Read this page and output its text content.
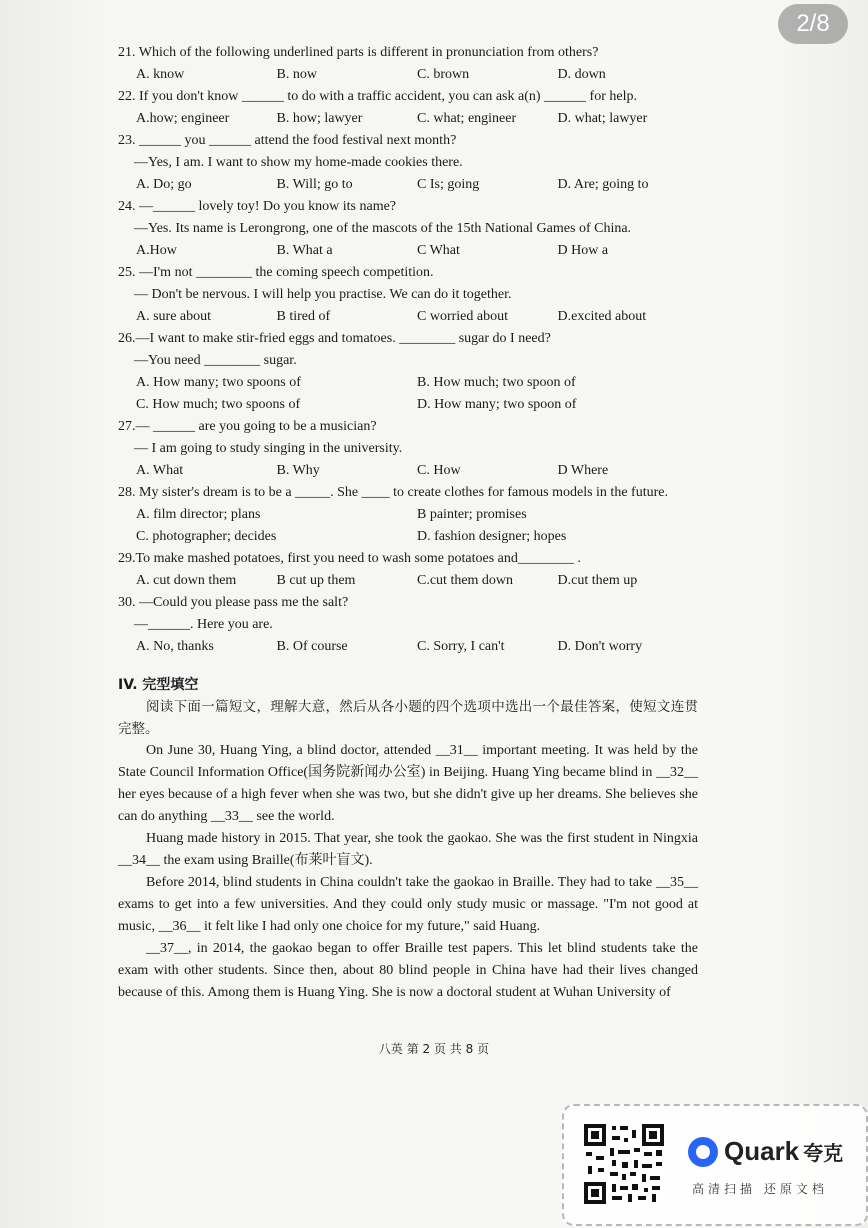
2/8
21. Which of the following underlined parts is different in pronunciation from others?
A. know	B. now	C. brown	D. down
22. If you don't know ______ to do with a traffic accident, you can ask a(n) ______ for help.
A.how; engineer	B. how; lawyer	C. what; engineer	D. what; lawyer
23. ______ you ______ attend the food festival next month?
—Yes, I am. I want to show my home-made cookies there.
A. Do; go	B. Will; go to	C Is; going	D. Are; going to
24. —______ lovely toy! Do you know its name?
—Yes. Its name is Lerongrong, one of the mascots of the 15th National Games of China.
A.How	B. What a	C What	D How a
25. —I'm not ________ the coming speech competition.
— Don't be nervous. I will help you practise. We can do it together.
A. sure about	B tired of	C worried about	D.excited about
26.—I want to make stir-fried eggs and tomatoes. ________ sugar do I need?
—You need ________ sugar.
A. How many; two spoons of	B. How much; two spoon of
C. How much; two spoons of	D. How many; two spoon of
27.— ______ are you going to be a musician?
— I am going to study singing in the university.
A. What	B. Why	C. How	D Where
28. My sister's dream is to be a _____. She ____ to create clothes for famous models in the future.
A. film director; plans	B painter; promises
C. photographer; decides	D. fashion designer; hopes
29.To make mashed potatoes, first you need to wash some potatoes and________ .
A. cut down them	B cut up them	C.cut them down	D.cut them up
30. —Could you please pass me the salt?
—______. Here you are.
A. No, thanks	B. Of course	C. Sorry, I can't	D. Don't worry
IV. 完型填空
阅读下面一篇短文，理解大意，然后从各小题的四个选项中选出一个最佳答案，使短文连贯完整。
On June 30, Huang Ying, a blind doctor, attended __31__ important meeting. It was held by the State Council Information Office(国务院新闻办公室) in Beijing. Huang Ying became blind in __32__ her eyes because of a high fever when she was two, but she didn't give up her dreams. She believes she can do anything __33__ see the world.
Huang made history in 2015. That year, she took the gaokao. She was the first student in Ningxia __34__ the exam using Braille(布莱叶盲文).
Before 2014, blind students in China couldn't take the gaokao in Braille. They had to take __35__ exams to get into a few universities. And they could only study music or massage. "I'm not good at music, __36__ it felt like I had only one choice for my future," said Huang.
__37__, in 2014, the gaokao began to offer Braille test papers. This let blind students take the exam with other students. Since then, about 80 blind people in China have had their lives changed because of this. Among them is Huang Ying. She is now a doctoral student at Wuhan University of
八英 第 2 页 共 8 页
Quark 夸克
高清扫描 还原文档
